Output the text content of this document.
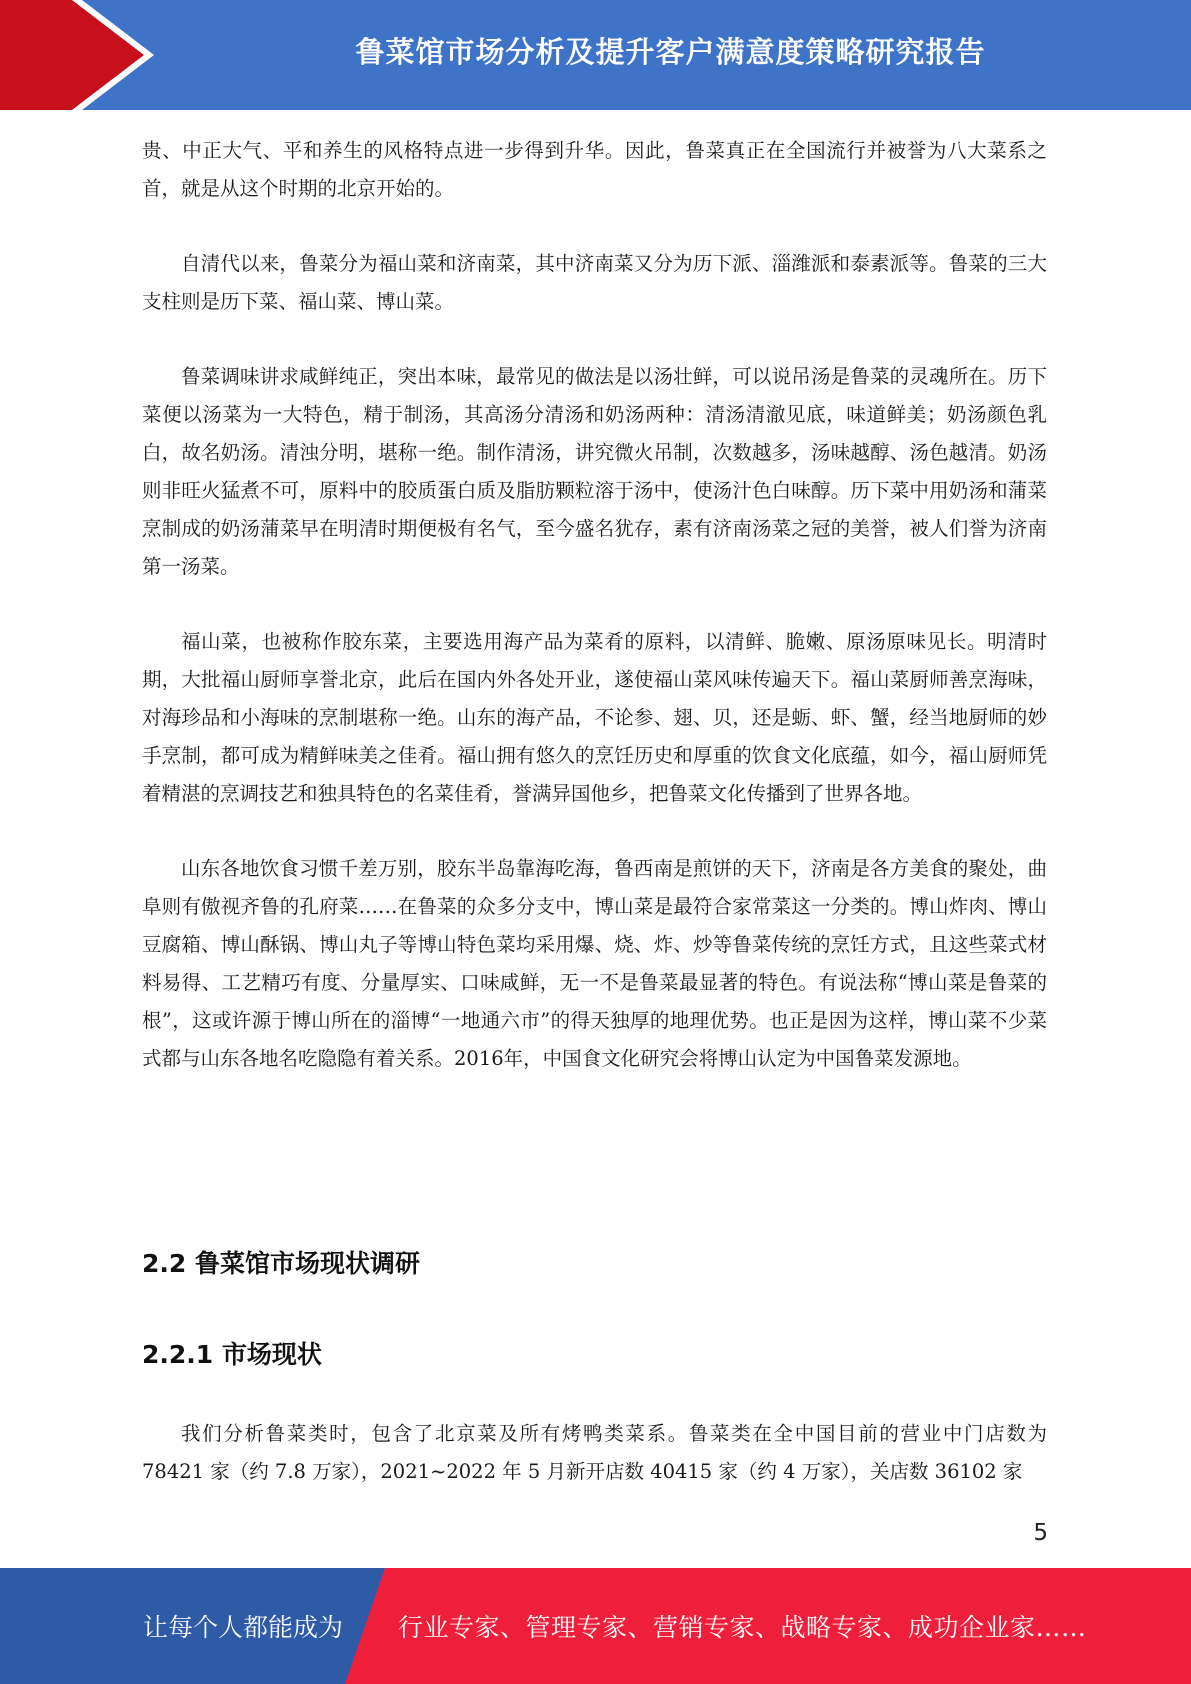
鲁菜馆市场分析及提升客户满意度策略研究报告

贵、中正大气、平和养生的风格特点进一步得到升华。因此，鲁菜真正在全国流行并被誉为八大菜系之首，就是从这个时期的北京开始的。

自清代以来，鲁菜分为福山菜和济南菜，其中济南菜又分为历下派、淄潍派和泰素派等。鲁菜的三大支柱则是历下菜、福山菜、博山菜。

鲁菜调味讲求咸鲜纯正，突出本味，最常见的做法是以汤壮鲜，可以说吊汤是鲁菜的灵魂所在。历下菜便以汤菜为一大特色，精于制汤，其高汤分清汤和奶汤两种：清汤清澈见底，味道鲜美；奶汤颜色乳白，故名奶汤。清浊分明，堪称一绝。制作清汤，讲究微火吊制，次数越多，汤味越醇、汤色越清。奶汤则非旺火猛煮不可，原料中的胶质蛋白质及脂肪颗粒溶于汤中，使汤汁色白味醇。历下菜中用奶汤和蒲菜烹制成的奶汤蒲菜早在明清时期便极有名气，至今盛名犹存，素有济南汤菜之冠的美誉，被人们誉为济南第一汤菜。

福山菜，也被称作胶东菜，主要选用海产品为菜肴的原料，以清鲜、脆嫩、原汤原味见长。明清时期，大批福山厨师享誉北京，此后在国内外各处开业，遂使福山菜风味传遍天下。福山菜厨师善烹海味，对海珍品和小海味的烹制堪称一绝。山东的海产品，不论参、翅、贝，还是蛎、虾、蟹，经当地厨师的妙手烹制，都可成为精鲜味美之佳肴。福山拥有悠久的烹饪历史和厚重的饮食文化底蕴，如今，福山厨师凭着精湛的烹调技艺和独具特色的名菜佳肴，誉满异国他乡，把鲁菜文化传播到了世界各地。

山东各地饮食习惯千差万别，胶东半岛靠海吃海，鲁西南是煎饼的天下，济南是各方美食的聚处，曲阜则有傲视齐鲁的孔府菜……在鲁菜的众多分支中，博山菜是最符合家常菜这一分类的。博山炸肉、博山豆腐箱、博山酥锅、博山丸子等博山特色菜均采用爆、烧、炸、炒等鲁菜传统的烹饪方式，且这些菜式材料易得、工艺精巧有度、分量厚实、口味咸鲜，无一不是鲁菜最显著的特色。有说法称“博山菜是鲁菜的根”，这或许源于博山所在的淄博“一地通六市”的得天独厚的地理优势。也正是因为这样，博山菜不少菜式都与山东各地名吃隐隐有着关系。2016年，中国食文化研究会将博山认定为中国鲁菜发源地。

2.2 鲁菜馆市场现状调研
2.2.1 市场现状

我们分析鲁菜类时，包含了北京菜及所有烤鸭类菜系。鲁菜类在全中国目前的营业中门店数为 78421 家（约 7.8 万家），2021~2022 年 5 月新开店数 40415 家（约 4 万家），关店数 36102 家

5
让每个人都能成为 行业专家、管理专家、营销专家、战略专家、成功企业家……
